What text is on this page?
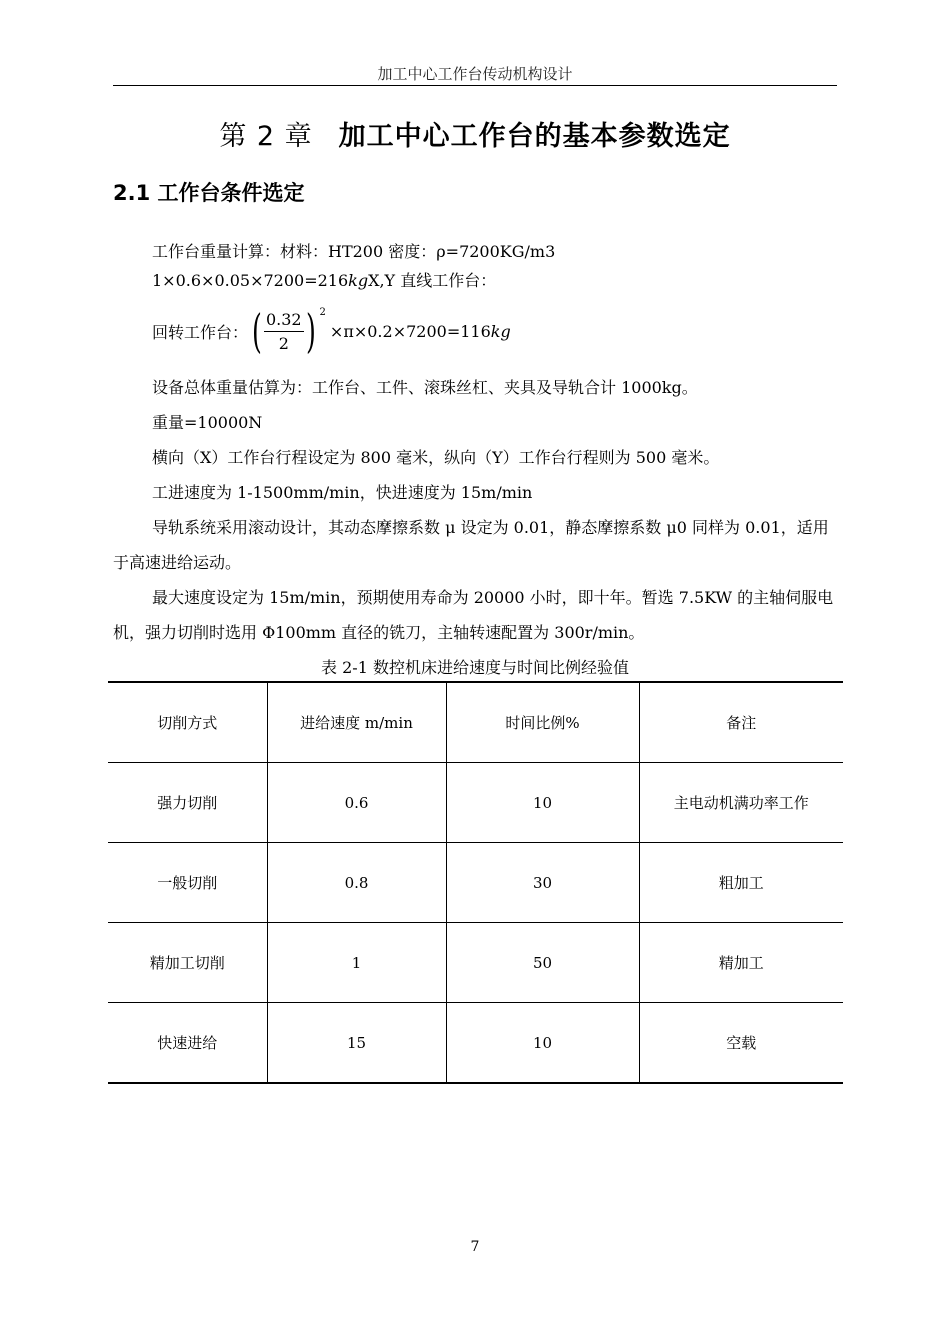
加工中心工作台传动机构设计
第 2 章 加工中心工作台的基本参数选定
2.1 工作台条件选定
工作台重量计算：材料：HT200 密度：ρ=7200KG/m3
1×0.6×0.05×7200=216kgX,Y 直线工作台：
回转工作台： ( $\frac{0.32}{2}$ ) 2
×π×0.2×7200=116 kg
设备总体重量估算为：工作台、工件、滚珠丝杠、夹具及导轨合计 1000kg。
重量=10000N
横向（X）工作台行程设定为 800 毫米，纵向（Y）工作台行程则为 500 毫米。
工进速度为 1-1500mm/min，快进速度为 15m/min
导轨系统采用滚动设计，其动态摩擦系数 μ 设定为 0.01，静态摩擦系数 μ0 同样为 0.01，适用于高速进给运动。
最大速度设定为 15m/min，预期使用寿命为 20000 小时，即十年。暂选 7.5KW 的主轴伺服电机，强力切削时选用 Φ100mm 直径的铣刀，主轴转速配置为 300r/min。
表 2-1 数控机床进给速度与时间比例经验值
切削方式	进给速度 m/min	时间比例%	备注
强力切削	0.6	10	主电动机满功率工作
一般切削	0.8	30	粗加工
精加工切削	1	50	精加工
快速进给	15	10	空载
7
